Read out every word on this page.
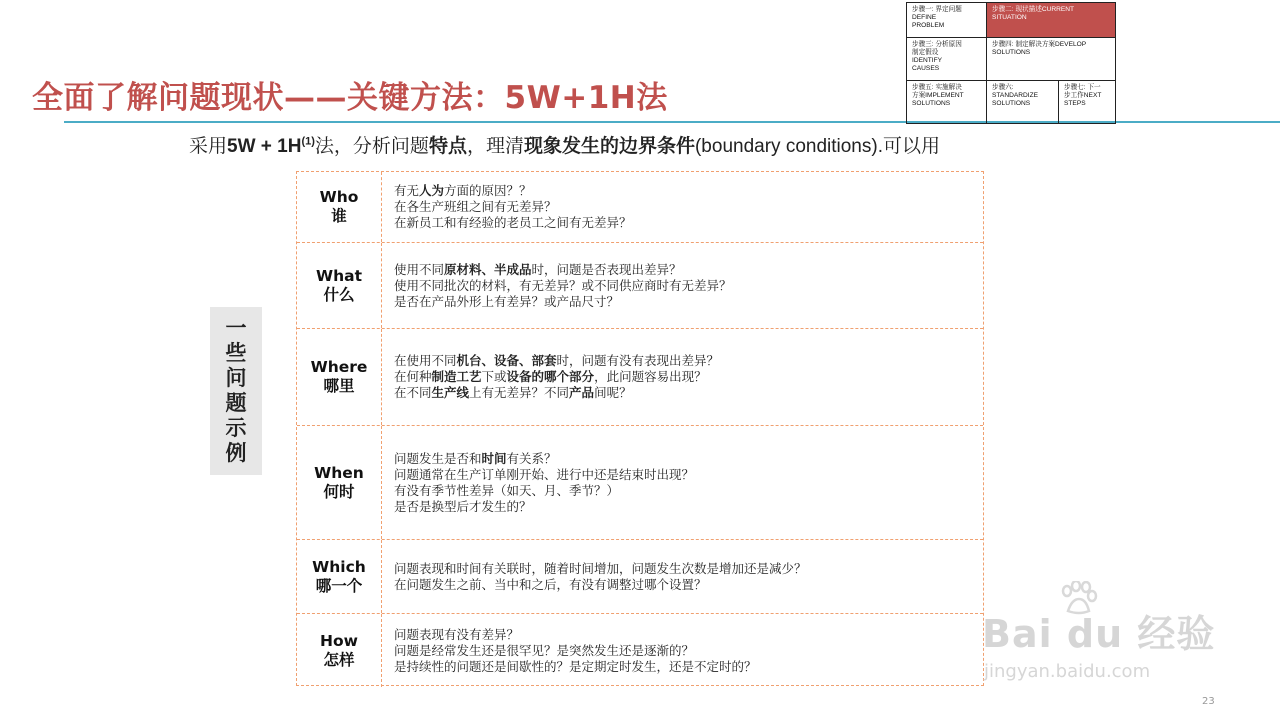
全面了解问题现状——关键方法：5W+1H法
步骤一: 界定问题
DEFINE
PROBLEM
步骤二: 现状描述CURRENT
SITUATION
步骤三: 分析原因
制定假设
IDENTIFY
CAUSES
步骤四: 制定解决方案DEVELOP
SOLUTIONS
步骤五: 实施解决
方案IMPLEMENT
SOLUTIONS
步骤六:
STANDARDIZE
SOLUTIONS
步骤七: 下一
步工作NEXT
STEPS
采用$5W + 1H^{(1)}$法，分析问题特点，理清现象发生的边界条件(boundary conditions).可以用
一
些
问
题
示
例
Who
谁
有无人为方面的原因？？
在各生产班组之间有无差异？
在新员工和有经验的老员工之间有无差异？
What
什么
使用不同原材料、半成品时，问题是否表现出差异？
使用不同批次的材料，有无差异？或不同供应商时有无差异？
是否在产品外形上有差异？或产品尺寸？
Where
哪里
在使用不同机台、设备、部套时，问题有没有表现出差异？
在何种制造工艺下或设备的哪个部分，此问题容易出现？
在不同生产线上有无差异？不同产品间呢？
When
何时
问题发生是否和时间有关系？
问题通常在生产订单刚开始、进行中还是结束时出现？
有没有季节性差异（如天、月、季节？）
是否是换型后才发生的？
Which
哪一个
问题表现和时间有关联时，随着时间增加，问题发生次数是增加还是减少？
在问题发生之前、当中和之后，有没有调整过哪个设置？
How
怎样
问题表现有没有差异？
问题是经常发生还是很罕见？是突然发生还是逐渐的？
是持续性的问题还是间歇性的？是定期定时发生，还是不定时的？
Bai du 经验
jingyan.baidu.com
23
